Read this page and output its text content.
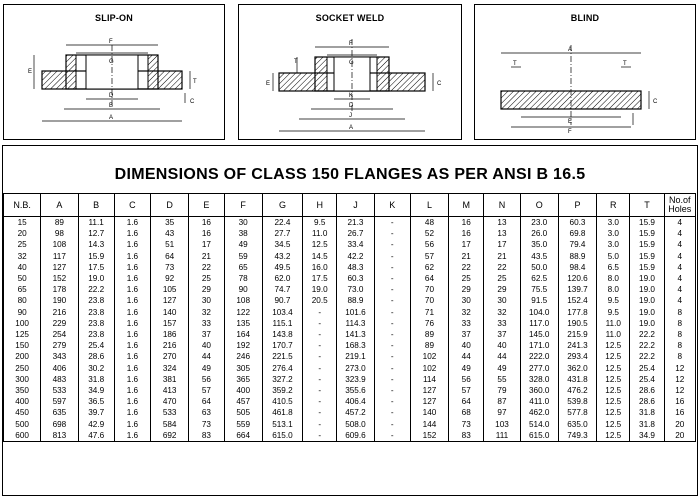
SLIP-ON
F
G
E
T
D
B
A
C
SOCKET WELD
F
G
T
E
K
D
J
A
C
BLIND
A
T	T
E
F
C
DIMENSIONS OF CLASS 150 FLANGES AS PER ANSI B 16.5
N.B.	A	B	C	D	E	F	G	H	J	K	L	M	N	O	P	R	T	No.of
Holes
15	89	11.1	1.6	35	16	30	22.4	9.5	21.3	-	48	16	13	23.0	60.3	3.0	15.9	4
20	98	12.7	1.6	43	16	38	27.7	11.0	26.7	-	52	16	13	26.0	69.8	3.0	15.9	4
25	108	14.3	1.6	51	17	49	34.5	12.5	33.4	-	56	17	17	35.0	79.4	3.0	15.9	4
32	117	15.9	1.6	64	21	59	43.2	14.5	42.2	-	57	21	21	43.5	88.9	5.0	15.9	4
40	127	17.5	1.6	73	22	65	49.5	16.0	48.3	-	62	22	22	50.0	98.4	6.5	15.9	4
50	152	19.0	1.6	92	25	78	62.0	17.5	60.3	-	64	25	25	62.5	120.6	8.0	19.0	4
65	178	22.2	1.6	105	29	90	74.7	19.0	73.0	-	70	29	29	75.5	139.7	8.0	19.0	4
80	190	23.8	1.6	127	30	108	90.7	20.5	88.9	-	70	30	30	91.5	152.4	9.5	19.0	4
90	216	23.8	1.6	140	32	122	103.4	-	101.6	-	71	32	32	104.0	177.8	9.5	19.0	8
100	229	23.8	1.6	157	33	135	115.1	-	114.3	-	76	33	33	117.0	190.5	11.0	19.0	8
125	254	23.8	1.6	186	37	164	143.8	-	141.3	-	89	37	37	145.0	215.9	11.0	22.2	8
150	279	25.4	1.6	216	40	192	170.7	-	168.3	-	89	40	40	171.0	241.3	12.5	22.2	8
200	343	28.6	1.6	270	44	246	221.5	-	219.1	-	102	44	44	222.0	293.4	12.5	22.2	8
250	406	30.2	1.6	324	49	305	276.4	-	273.0	-	102	49	49	277.0	362.0	12.5	25.4	12
300	483	31.8	1.6	381	56	365	327.2	-	323.9	-	114	56	55	328.0	431.8	12.5	25.4	12
350	533	34.9	1.6	413	57	400	359.2	-	355.6	-	127	57	79	360.0	476.2	12.5	28.6	12
400	597	36.5	1.6	470	64	457	410.5	-	406.4	-	127	64	87	411.0	539.8	12.5	28.6	16
450	635	39.7	1.6	533	63	505	461.8	-	457.2	-	140	68	97	462.0	577.8	12.5	31.8	16
500	698	42.9	1.6	584	73	559	513.1	-	508.0	-	144	73	103	514.0	635.0	12.5	31.8	20
600	813	47.6	1.6	692	83	664	615.0	-	609.6	-	152	83	111	615.0	749.3	12.5	34.9	20
